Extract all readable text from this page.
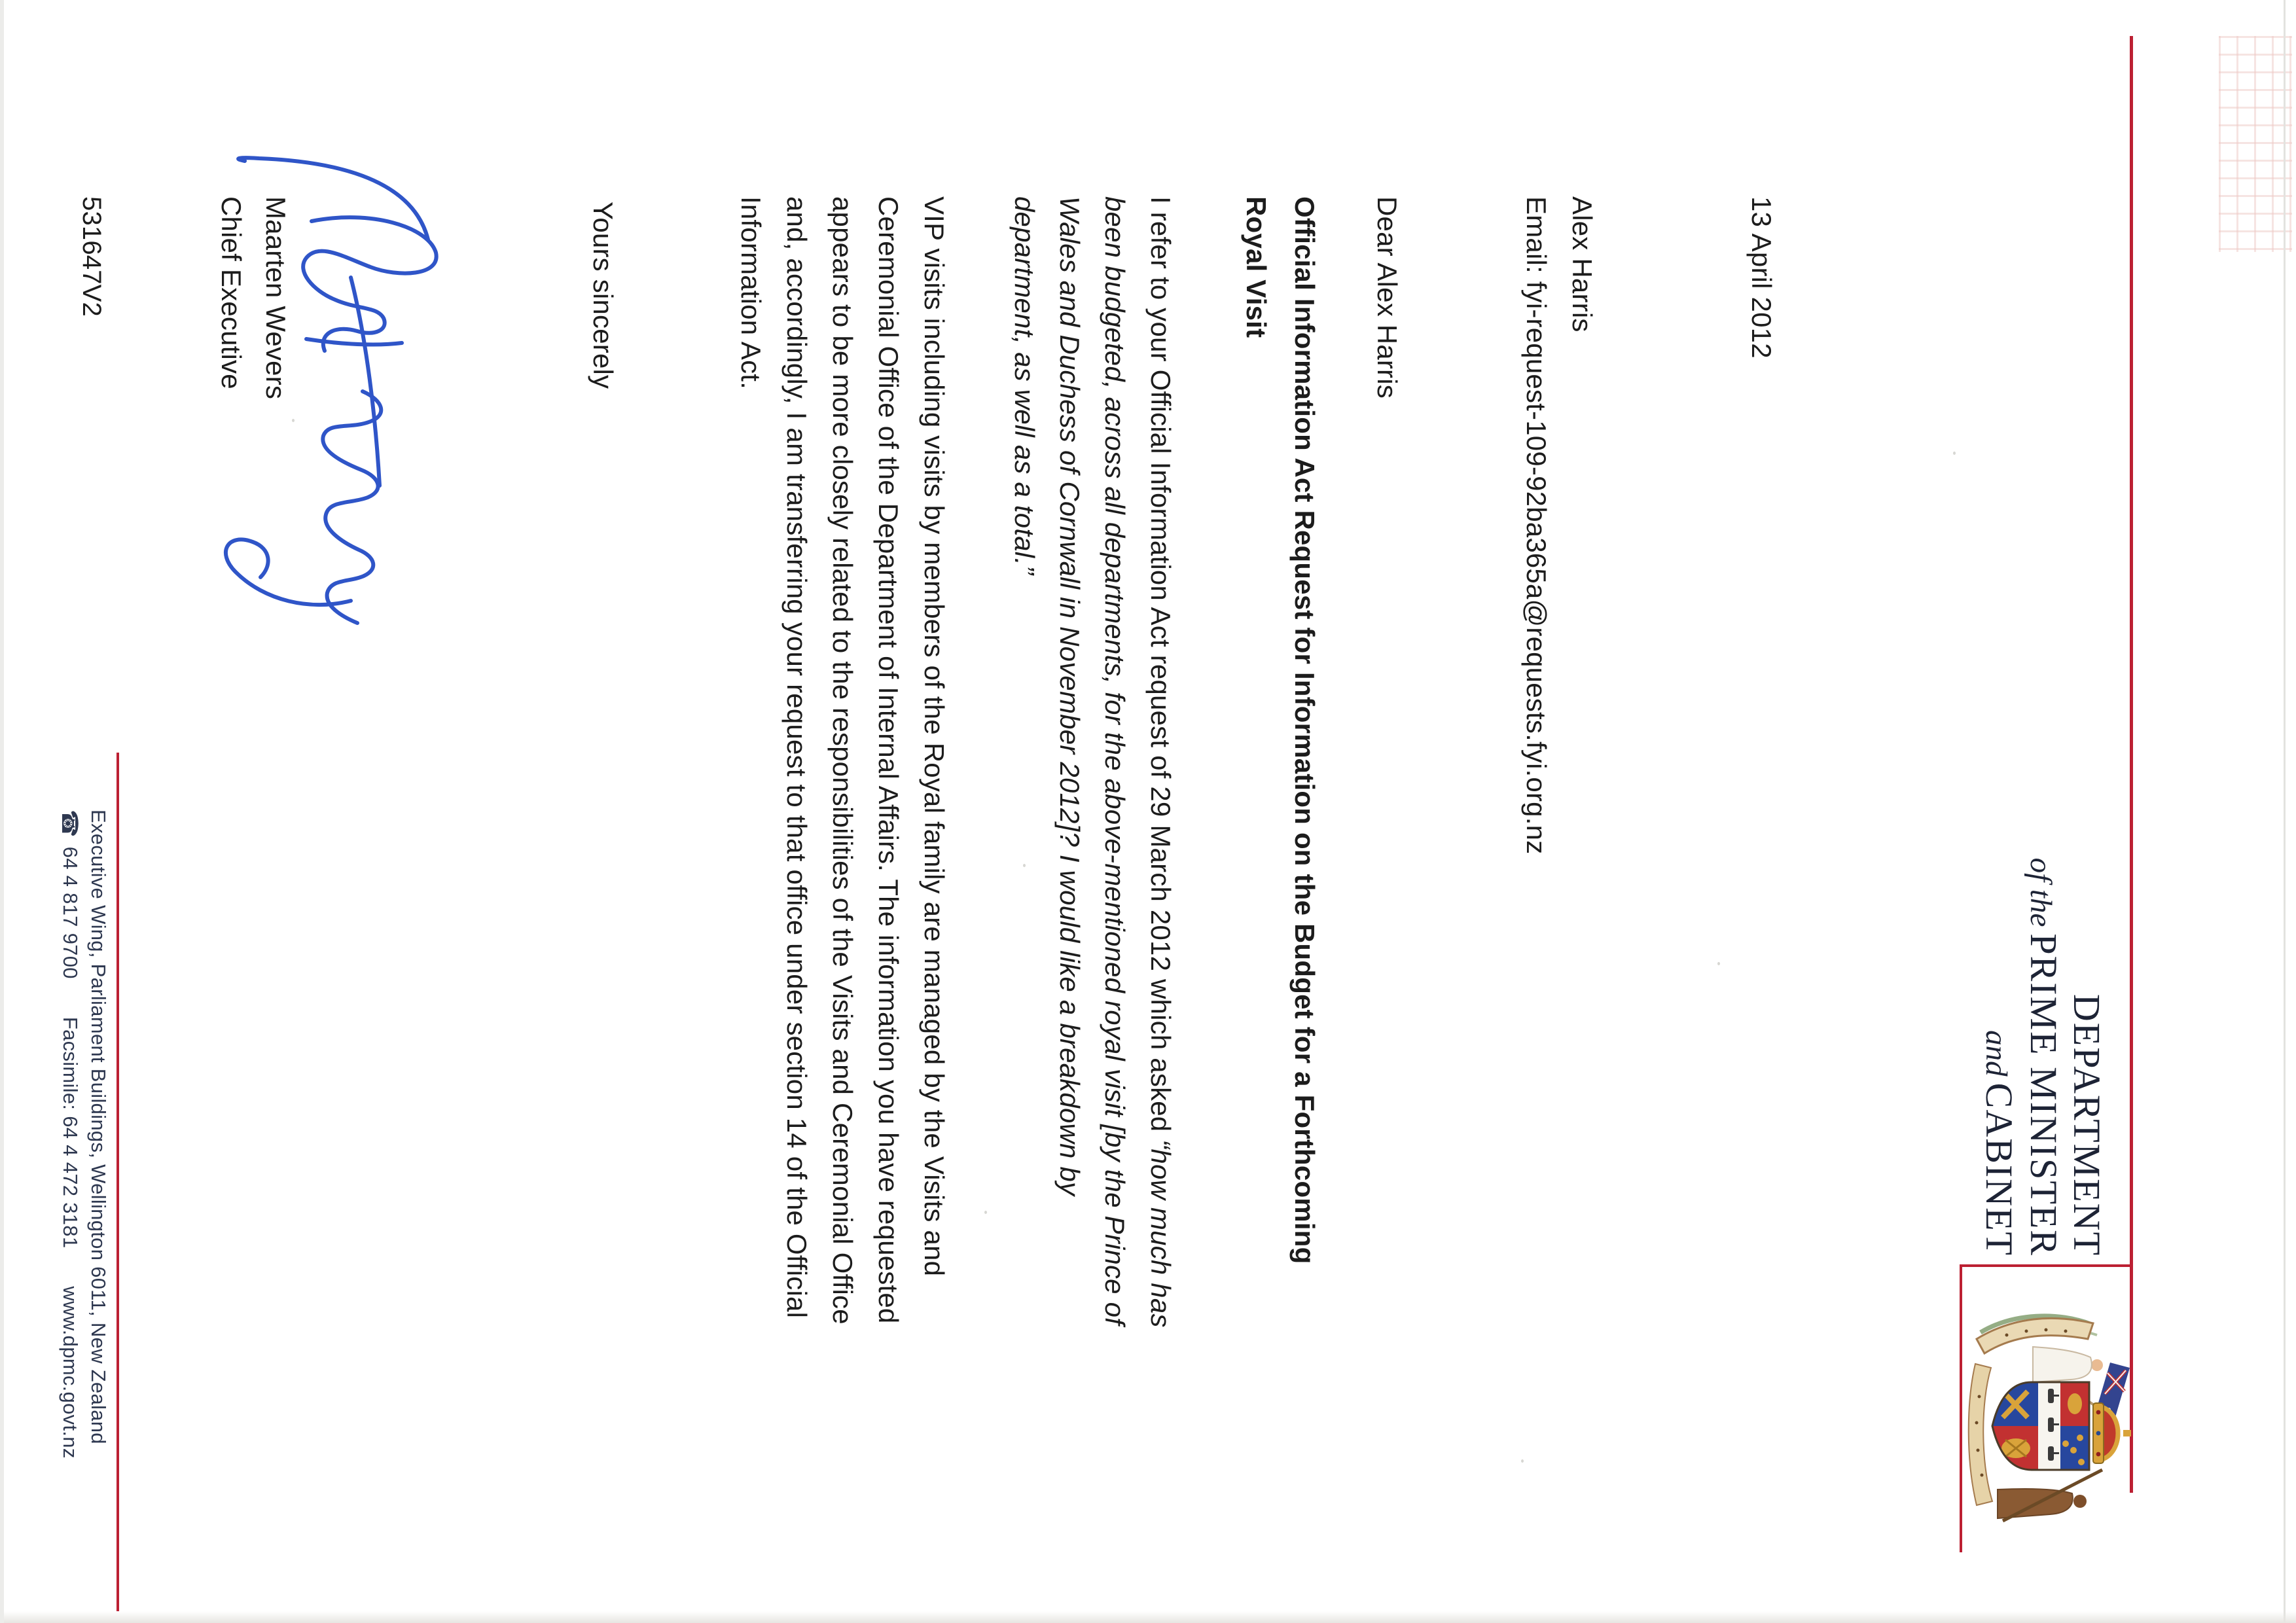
DEPARTMENT
of thePRIME MINISTER
andCABINET
13 April 2012
Alex Harris
Email: fyi-request-109-92ba365a@requests.fyi.org.nz
Dear Alex Harris
Official Information Act Request for Information on the Budget for a Forthcoming
Royal Visit
I refer to your Official Information Act request of 29 March 2012 which asked “how much has
been budgeted, across all departments, for the above-mentioned royal visit [by the Prince of
Wales and Duchess of Cornwall in November 2012]? I would like a breakdown by
department, as well as a total.”
VIP visits including visits by members of the Royal family are managed by the Visits and
Ceremonial Office of the Department of Internal Affairs. The information you have requested
appears to be more closely related to the responsibilities of the Visits and Ceremonial Office
and, accordingly, I am transferring your request to that office under section 14 of the Official
Information Act.
Yours sincerely
Maarten Wevers
Chief Executive
531647V2
Executive Wing, Parliament Buildings, Wellington 6011, New Zealand
☎64 4 817 9700Facsimile: 64 4 472 3181www.dpmc.govt.nz
